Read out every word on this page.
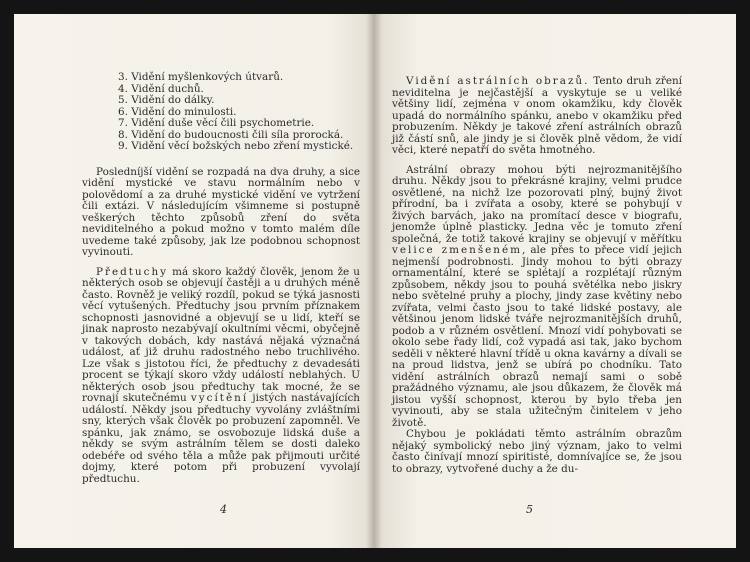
3. Vidění myšlenkových útvarů.
4. Vidění duchů.
5. Vidění do dálky.
6. Vidění do minulosti.
7. Vidění duše věcí čili psychometrie.
8. Vidění do budoucnosti čili síla prorocká.
9. Vidění věcí božských nebo zření mystické.

Posledníjší vidění se rozpadá na dva druhy, a sice vidění mystické ve stavu normálním nebo v polovědomí a za druhé mystické vidění ve vytržení čili extázi. V následujícím všimneme si postupně veškerých těchto způsobů zření do světa neviditelného a pokud možno v tomto malém díle uvedeme také způsoby, jak lze podobnou schopnost vyvinouti.

Předtuchy má skoro každý člověk, jenom že u některých osob se objevují častěji a u druhých méně často. Rovněž je veliký rozdíl, pokud se týká jasnosti věcí vytušených. Předtuchy jsou prvním příznakem schopnosti jasnovidné a objevují se u lidí, kteří se jinak naprosto nezabývají okultními věcmi, obyčejně v takových dobách, kdy nastává nějaká význačná událost, ať již druhu radostného nebo truchlivého. Lze však s jistotou říci, že předtuchy z devadesáti procent se týkají skoro vždy událostí neblahých. U některých osob jsou předtuchy tak mocné, že se rovnají skutečnému vycítění jistých nastávajících událostí. Někdy jsou předtuchy vyvolány zvláštními sny, kterých však člověk po probuzení zapomněl. Ve spánku, jak známo, se osvobozuje lidská duše a někdy se svým astrálním tělem se dosti daleko odebéře od svého těla a může pak přijmouti určité dojmy, které potom při probuzení vyvolají předtuchu.

4

Vidění astrálních obrazů. Tento druh zření neviditelna je nejčastější a vyskytuje se u veliké většiny lidí, zejména v onom okamžiku, kdy člověk upadá do normálního spánku, anebo v okamžiku před probuzením. Někdy je takové zření astrálních obrazů již částí snů, ale jindy je si člověk plně vědom, že vidí věci, které nepatří do světa hmotného.

Astrální obrazy mohou býti nejrozmanitějšího druhu. Někdy jsou to překrásné krajiny, velmi prudce osvětlené, na nichž lze pozorovati plný, bujný život přírodní, ba i zvířata a osoby, které se pohybují v živých barvách, jako na promítací desce v biografu, jenomže úplně plasticky. Jedna věc je tomuto zření společná, že totiž takové krajiny se objevují v měřítku velice zmenšeném, ale přes to přece vidí jejich nejmenší podrobnosti. Jindy mohou to býti obrazy ornamentální, které se splétají a rozplétají různým způsobem, někdy jsou to pouhá světélka nebo jiskry nebo světelné pruhy a plochy, jindy zase květiny nebo zvířata, velmi často jsou to také lidské postavy, ale většinou jenom lidské tváře nejrozmanitějších druhů, podob a v různém osvětlení. Mnozí vidí pohybovati se okolo sebe řady lidí, což vypadá asi tak, jako bychom seděli v některé hlavní třídě u okna kavárny a dívali se na proud lidstva, jenž se ubírá po chodníku. Tato vidění astrálních obrazů nemají sami o sobě pražádného významu, ale jsou důkazem, že člověk má jistou vyšší schopnost, kterou by bylo třeba jen vyvinouti, aby se stala užitečným činitelem v jeho životě.

Chybou je pokládati těmto astrálním obrazům nějaký symbolický nebo jiný význam, jako to velmi často činívají mnozí spiritisté, domnívajíce se, že jsou to obrazy, vytvořené duchy a že du-

5
